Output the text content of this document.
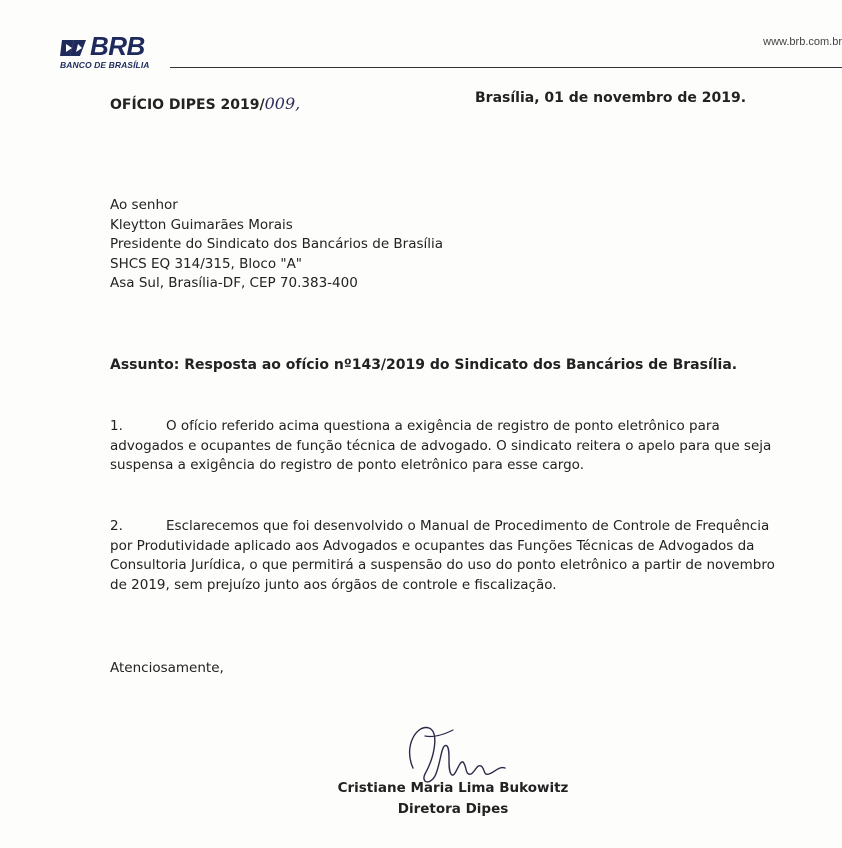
BRB
BANCO DE BRASÍLIA
www.brb.com.br
OFÍCIO DIPES 2019/009,	Brasília, 01 de novembro de 2019.
Ao senhor
Kleytton Guimarães Morais
Presidente do Sindicato dos Bancários de Brasília
SHCS EQ 314/315, Bloco "A"
Asa Sul, Brasília-DF, CEP 70.383-400
Assunto: Resposta ao ofício nº143/2019 do Sindicato dos Bancários de Brasília.
1.	O ofício referido acima questiona a exigência de registro de ponto eletrônico para advogados e ocupantes de função técnica de advogado. O sindicato reitera o apelo para que seja suspensa a exigência do registro de ponto eletrônico para esse cargo.
2.	Esclarecemos que foi desenvolvido o Manual de Procedimento de Controle de Frequência por Produtividade aplicado aos Advogados e ocupantes das Funções Técnicas de Advogados da Consultoria Jurídica, o que permitirá a suspensão do uso do ponto eletrônico a partir de novembro de 2019, sem prejuízo junto aos órgãos de controle e fiscalização.
Atenciosamente,
Cristiane Maria Lima Bukowitz
Diretora Dipes
